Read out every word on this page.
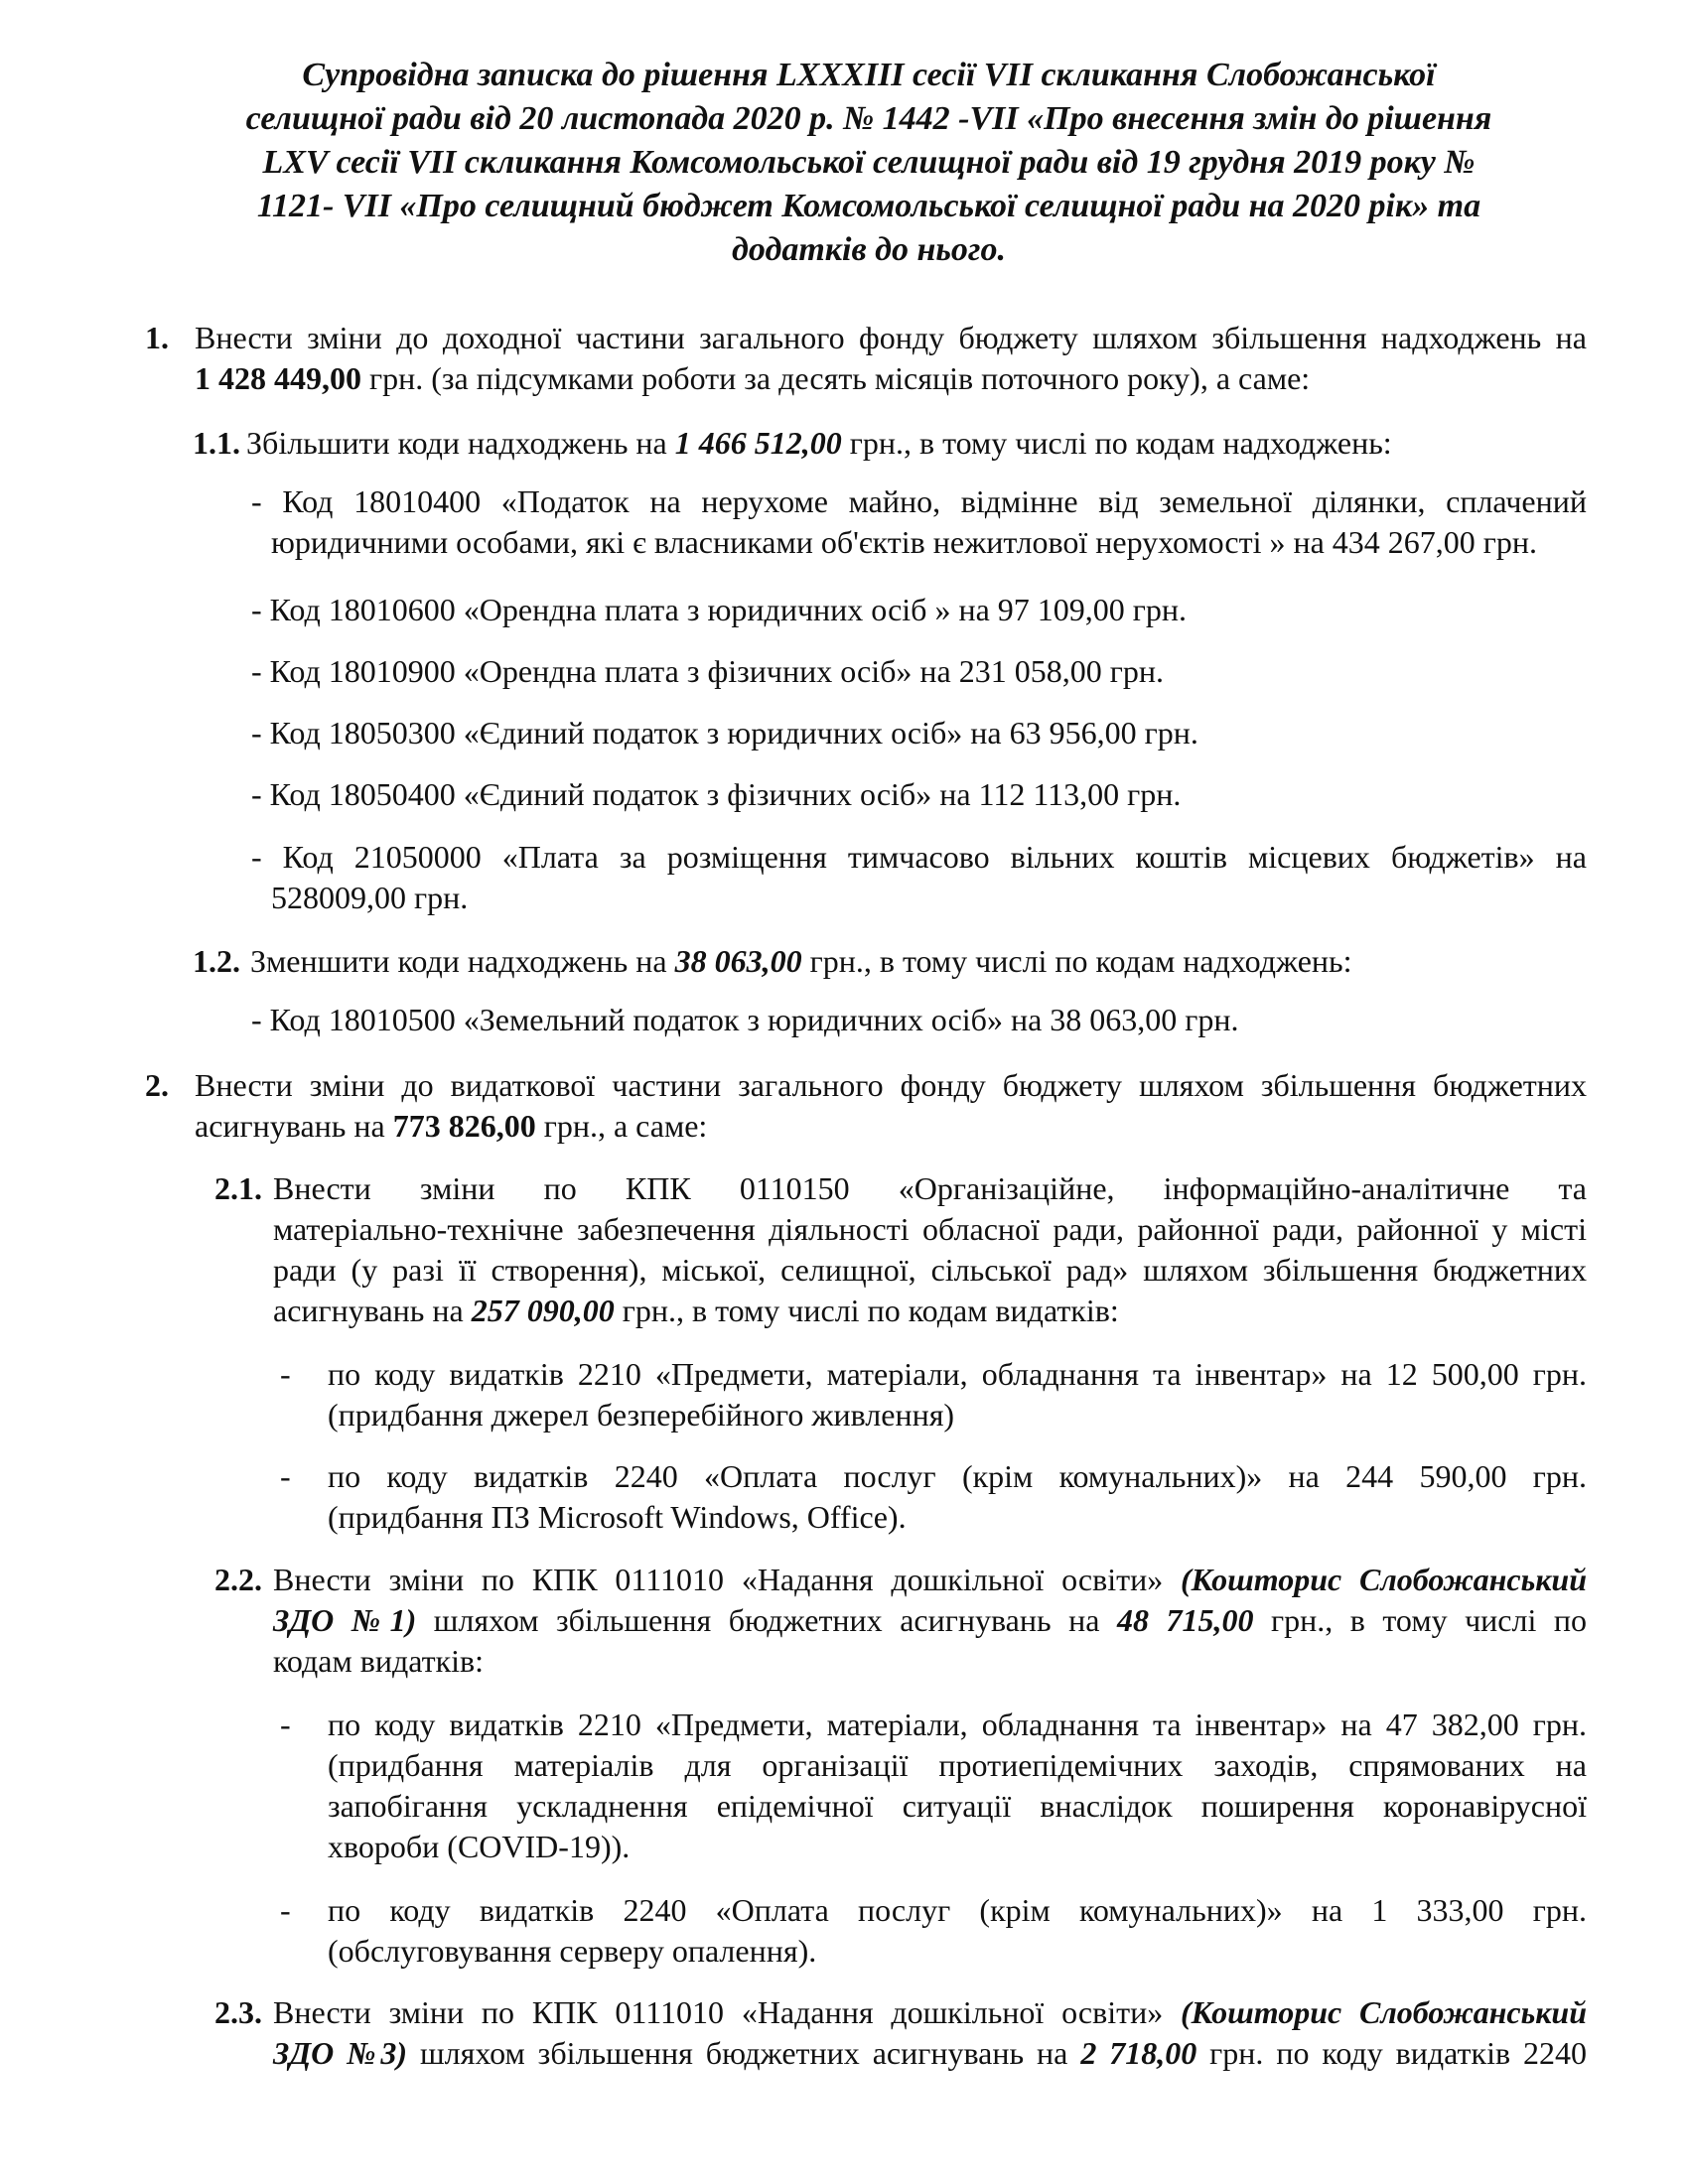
Супровідна записка до рішення LXXXIII сесії VII скликання Слобожанської
селищної ради від 20 листопада 2020 р. № 1442 -VII «Про внесення змін до рішення
LXV сесії VII скликання Комсомольської селищної ради від 19 грудня 2019 року №
1121- VII «Про селищний бюджет Комсомольської селищної ради на 2020 рік» та
додатків до нього.
1. Внести зміни до доходної частини загального фонду бюджету шляхом збільшення надходжень на
1 428 449,00 грн. (за підсумками роботи за десять місяців поточного року), а саме:
1.1. Збільшити коди надходжень на 1 466 512,00 грн., в тому числі по кодам надходжень:
- Код 18010400 «Податок на нерухоме майно, відмінне від земельної ділянки, сплачений
юридичними особами, які є власниками об'єктів нежитлової нерухомості » на 434 267,00 грн.
- Код 18010600 «Орендна плата з юридичних осіб » на 97 109,00 грн.
- Код 18010900 «Орендна плата з фізичних осіб» на 231 058,00 грн.
- Код 18050300 «Єдиний податок з юридичних осіб» на 63 956,00 грн.
- Код 18050400 «Єдиний податок з фізичних осіб» на 112 113,00 грн.
- Код 21050000 «Плата за розміщення тимчасово вільних коштів місцевих бюджетів» на
528009,00 грн.
1.2. Зменшити коди надходжень на 38 063,00 грн., в тому числі по кодам надходжень:
- Код 18010500 «Земельний податок з юридичних осіб» на 38 063,00 грн.
2. Внести зміни до видаткової частини загального фонду бюджету шляхом збільшення бюджетних
асигнувань на 773 826,00 грн., а саме:
2.1. Внести зміни по КПК 0110150 «Організаційне, інформаційно-аналітичне та
матеріально-технічне забезпечення діяльності обласної ради, районної ради, районної у місті
ради (у разі її створення), міської, селищної, сільської рад» шляхом збільшення бюджетних
асигнувань на 257 090,00 грн., в тому числі по кодам видатків:
- по коду видатків 2210 «Предмети, матеріали, обладнання та інвентар» на 12 500,00 грн.
(придбання джерел безперебійного живлення)
- по коду видатків 2240 «Оплата послуг (крім комунальних)» на 244 590,00 грн.
(придбання ПЗ Microsoft Windows, Office).
2.2. Внести зміни по КПК 0111010 «Надання дошкільної освіти» (Кошторис Слобожанський
ЗДО №1) шляхом збільшення бюджетних асигнувань на 48 715,00 грн., в тому числі по
кодам видатків:
- по коду видатків 2210 «Предмети, матеріали, обладнання та інвентар» на 47 382,00 грн.
(придбання матеріалів для організації протиепідемічних заходів, спрямованих на
запобігання ускладнення епідемічної ситуації внаслідок поширення коронавірусної
хвороби (COVID-19)).
- по коду видатків 2240 «Оплата послуг (крім комунальних)» на 1 333,00 грн.
(обслуговування серверу опалення).
2.3. Внести зміни по КПК 0111010 «Надання дошкільної освіти» (Кошторис Слобожанський
ЗДО №3) шляхом збільшення бюджетних асигнувань на 2 718,00 грн. по коду видатків 2240
